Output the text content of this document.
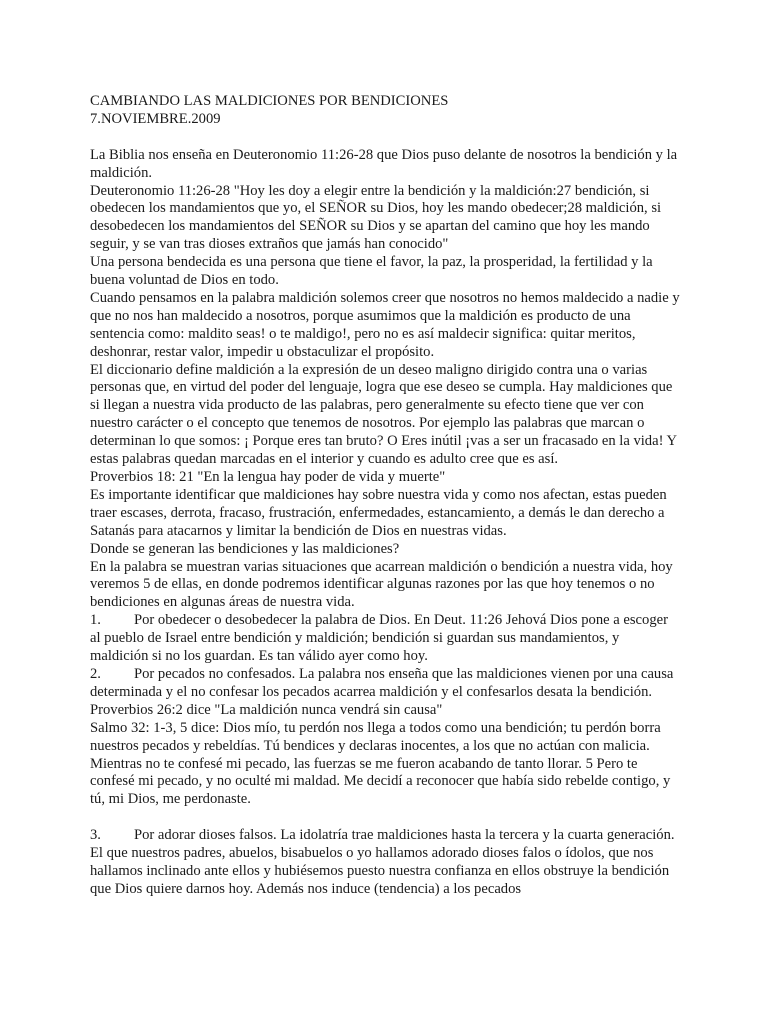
CAMBIANDO LAS MALDICIONES POR BENDICIONES

7.NOVIEMBRE.2009

La Biblia nos enseña en Deuteronomio 11:26-28 que Dios puso delante de nosotros la bendición y la maldición.

Deuteronomio 11:26-28 "Hoy les doy a elegir entre la bendición y la maldición:27 bendición, si obedecen los mandamientos que yo, el SEÑOR su Dios, hoy les mando obedecer;28 maldición, si desobedecen los mandamientos del SEÑOR su Dios y se apartan del camino que hoy les mando seguir, y se van tras dioses extraños que jamás han conocido"

Una persona bendecida es una persona que tiene el favor, la paz, la prosperidad, la fertilidad y la buena voluntad de Dios en todo.

Cuando pensamos en la palabra maldición solemos creer que nosotros no hemos maldecido a nadie y que no nos han maldecido a nosotros, porque asumimos que la maldición es producto de una sentencia como: maldito seas! o te maldigo!, pero no es así maldecir significa: quitar meritos, deshonrar, restar valor, impedir u obstaculizar el propósito.

El diccionario define maldición a la expresión de un deseo maligno dirigido contra una o varias personas que, en virtud del poder del lenguaje, logra que ese deseo se cumpla. Hay maldiciones que si llegan a nuestra vida producto de las palabras, pero generalmente su efecto tiene que ver con nuestro carácter o el concepto que tenemos de nosotros. Por ejemplo las palabras que marcan o determinan lo que somos: ¡ Porque eres tan bruto? O Eres inútil ¡vas a ser un fracasado en la vida! Y estas palabras quedan marcadas en el interior y cuando es adulto cree que es así.

Proverbios 18: 21 "En la lengua hay poder de vida y muerte"

Es importante identificar que maldiciones hay sobre nuestra vida y como nos afectan, estas pueden traer escases, derrota, fracaso, frustración, enfermedades, estancamiento, a demás le dan derecho a Satanás para atacarnos y limitar la bendición de Dios en nuestras vidas.

Donde se generan las bendiciones y las maldiciones?

En la palabra se muestran varias situaciones que acarrean maldición o bendición a nuestra vida, hoy veremos 5 de ellas, en donde podremos identificar algunas razones por las que hoy tenemos o no bendiciones en algunas áreas de nuestra vida.

1. Por obedecer o desobedecer la palabra de Dios. En Deut. 11:26 Jehová Dios pone a escoger al pueblo de Israel entre bendición y maldición; bendición si guardan sus mandamientos, y maldición si no los guardan. Es tan válido ayer como hoy.

2. Por pecados no confesados. La palabra nos enseña que las maldiciones vienen por una causa determinada y el no confesar los pecados acarrea maldición y el confesarlos desata la bendición.

Proverbios 26:2 dice "La maldición nunca vendrá sin causa"

Salmo 32: 1-3, 5 dice: Dios mío, tu perdón nos llega a todos como una bendición; tu perdón borra nuestros pecados y rebeldías. Tú bendices y declaras inocentes, a los que no actúan con malicia. Mientras no te confesé mi pecado, las fuerzas se me fueron acabando de tanto llorar. 5 Pero te confesé mi pecado, y no oculté mi maldad. Me decidí a reconocer que había sido rebelde contigo, y tú, mi Dios, me perdonaste.

3. Por adorar dioses falsos. La idolatría trae maldiciones hasta la tercera y la cuarta generación. El que nuestros padres, abuelos, bisabuelos o yo hallamos adorado dioses falos o ídolos, que nos hallamos inclinado ante ellos y hubiésemos puesto nuestra confianza en ellos obstruye la bendición que Dios quiere darnos hoy. Además nos induce (tendencia) a los pecados
